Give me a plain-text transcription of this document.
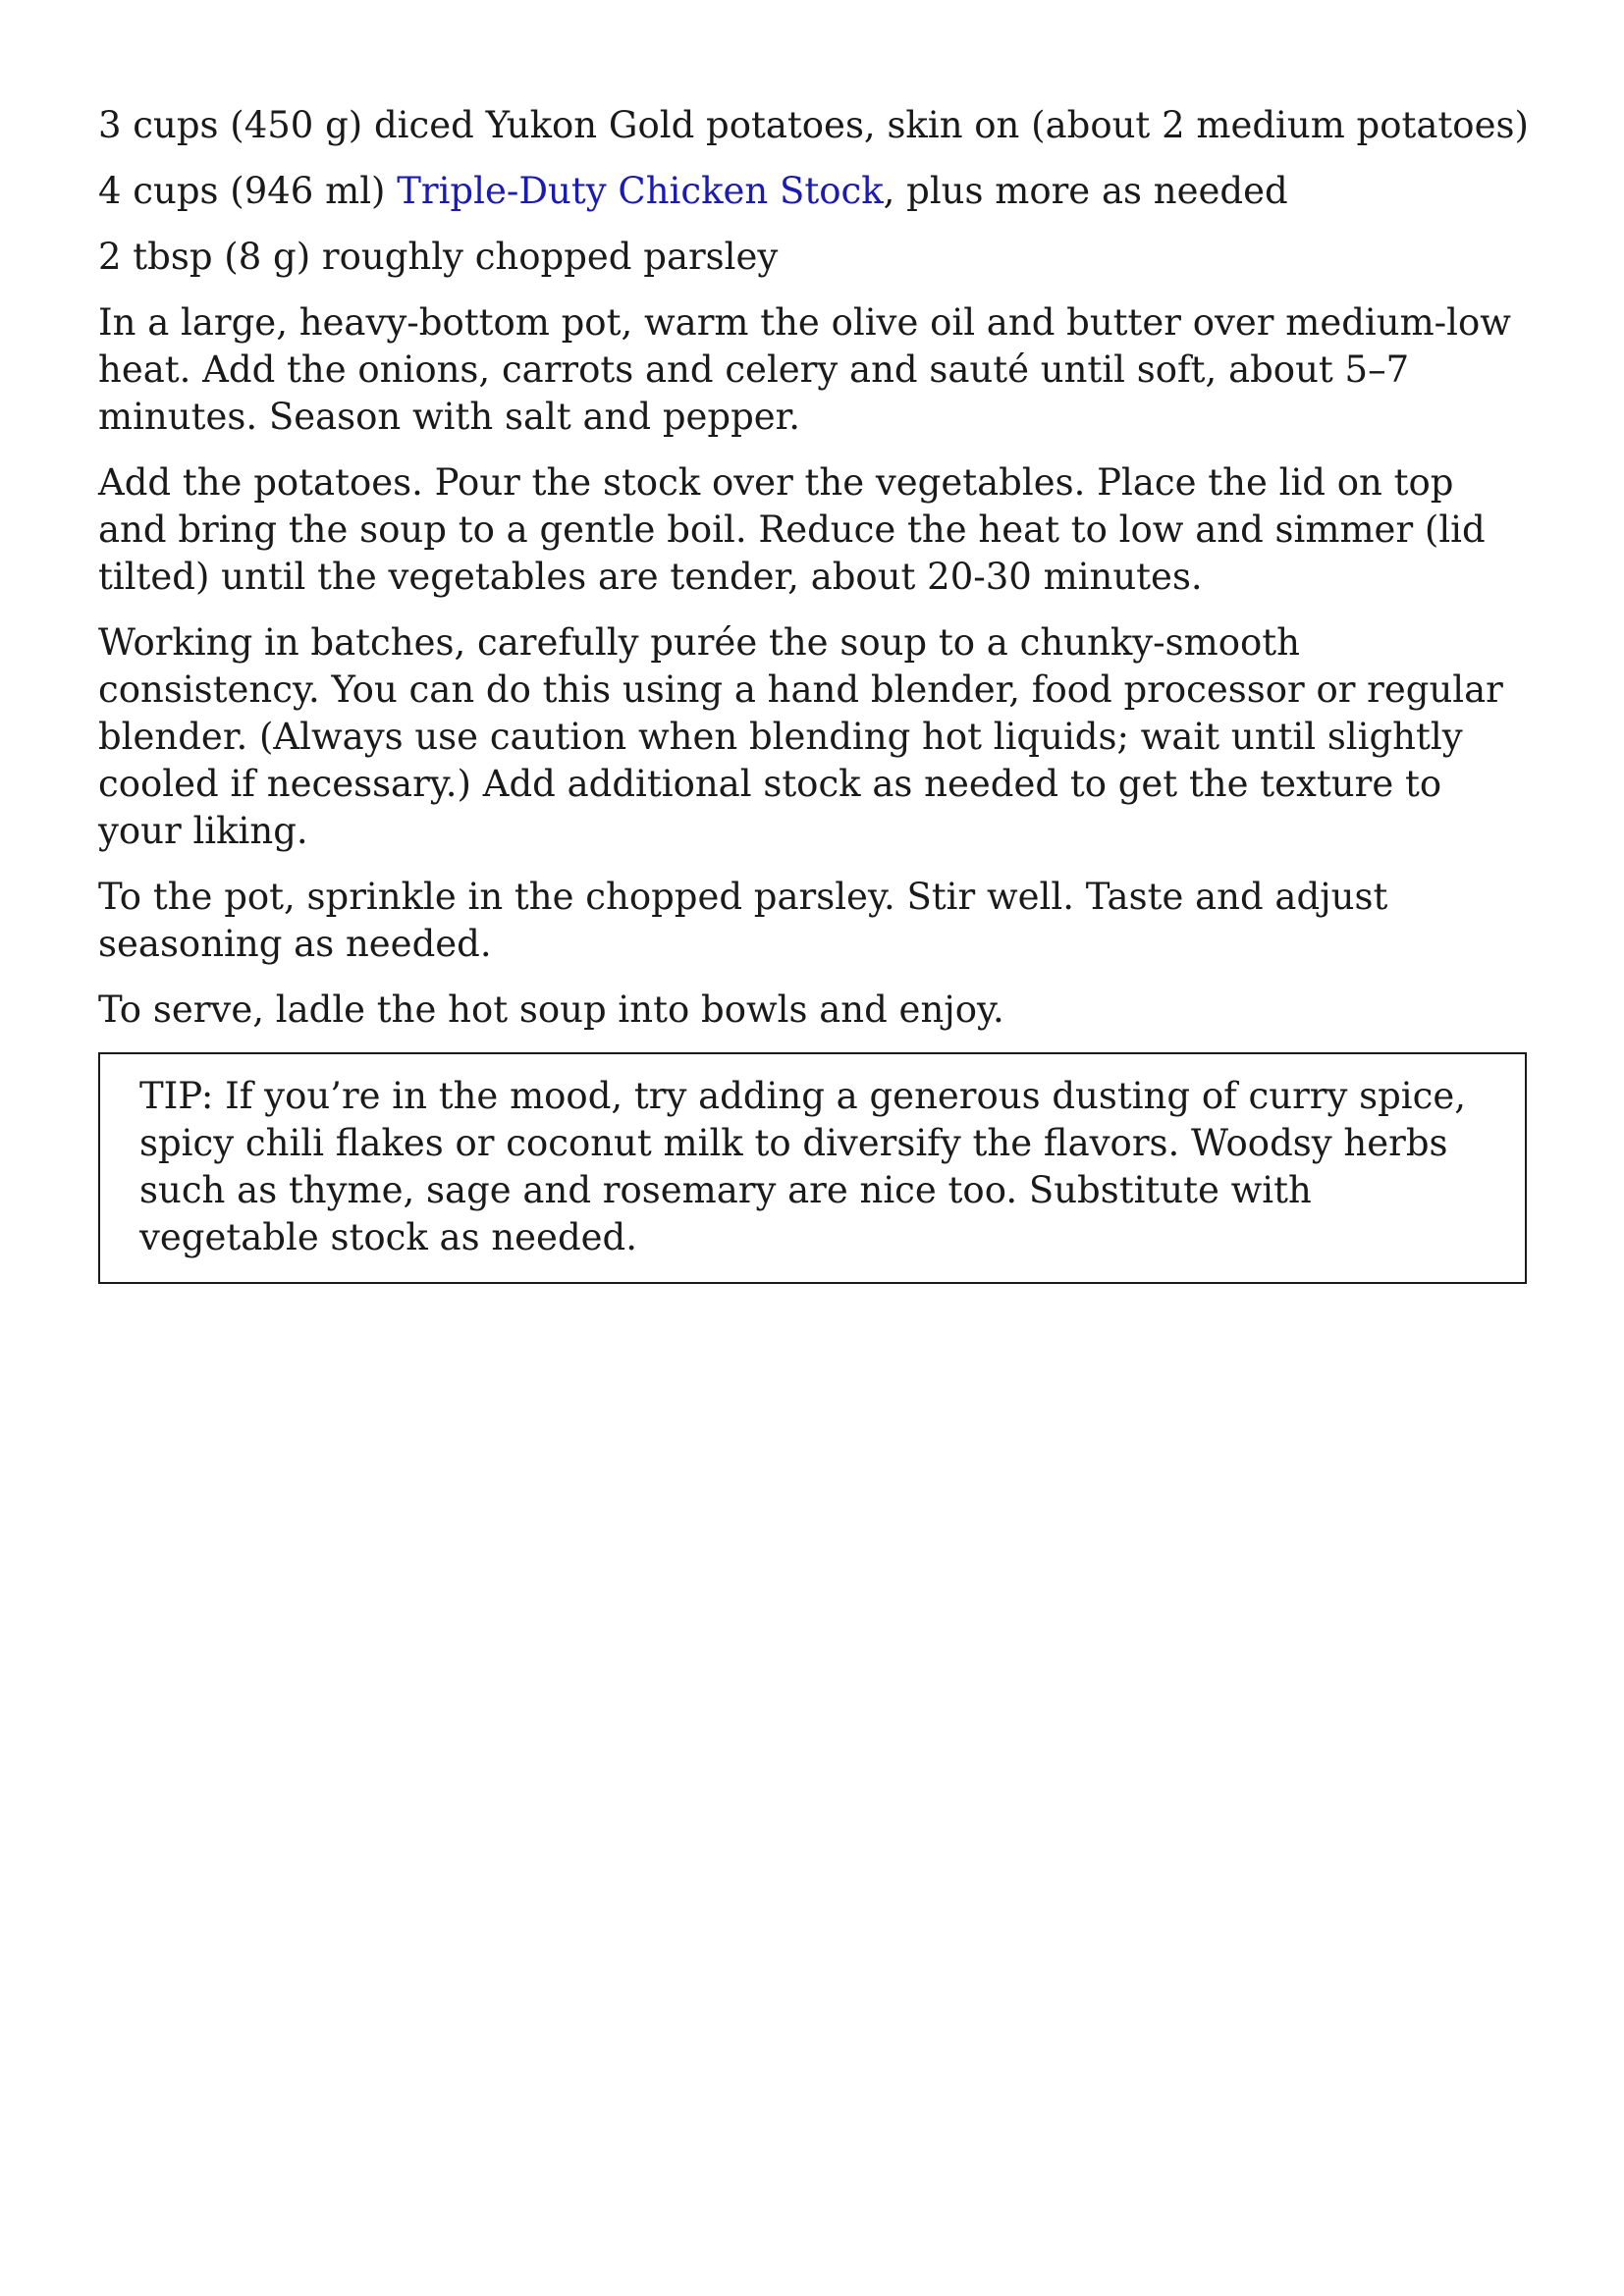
3 cups (450 g) diced Yukon Gold potatoes, skin on (about 2 medium potatoes)

4 cups (946 ml) Triple-Duty Chicken Stock, plus more as needed

2 tbsp (8 g) roughly chopped parsley

In a large, heavy-bottom pot, warm the olive oil and butter over medium-low heat. Add the onions, carrots and celery and sauté until soft, about 5–7 minutes. Season with salt and pepper.

Add the potatoes. Pour the stock over the vegetables. Place the lid on top and bring the soup to a gentle boil. Reduce the heat to low and simmer (lid tilted) until the vegetables are tender, about 20-30 minutes.

Working in batches, carefully purée the soup to a chunky-smooth consistency. You can do this using a hand blender, food processor or regular blender. (Always use caution when blending hot liquids; wait until slightly cooled if necessary.) Add additional stock as needed to get the texture to your liking.

To the pot, sprinkle in the chopped parsley. Stir well. Taste and adjust seasoning as needed.

To serve, ladle the hot soup into bowls and enjoy.

TIP: If you’re in the mood, try adding a generous dusting of curry spice, spicy chili flakes or coconut milk to diversify the flavors. Woodsy herbs such as thyme, sage and rosemary are nice too. Substitute with vegetable stock as needed.
